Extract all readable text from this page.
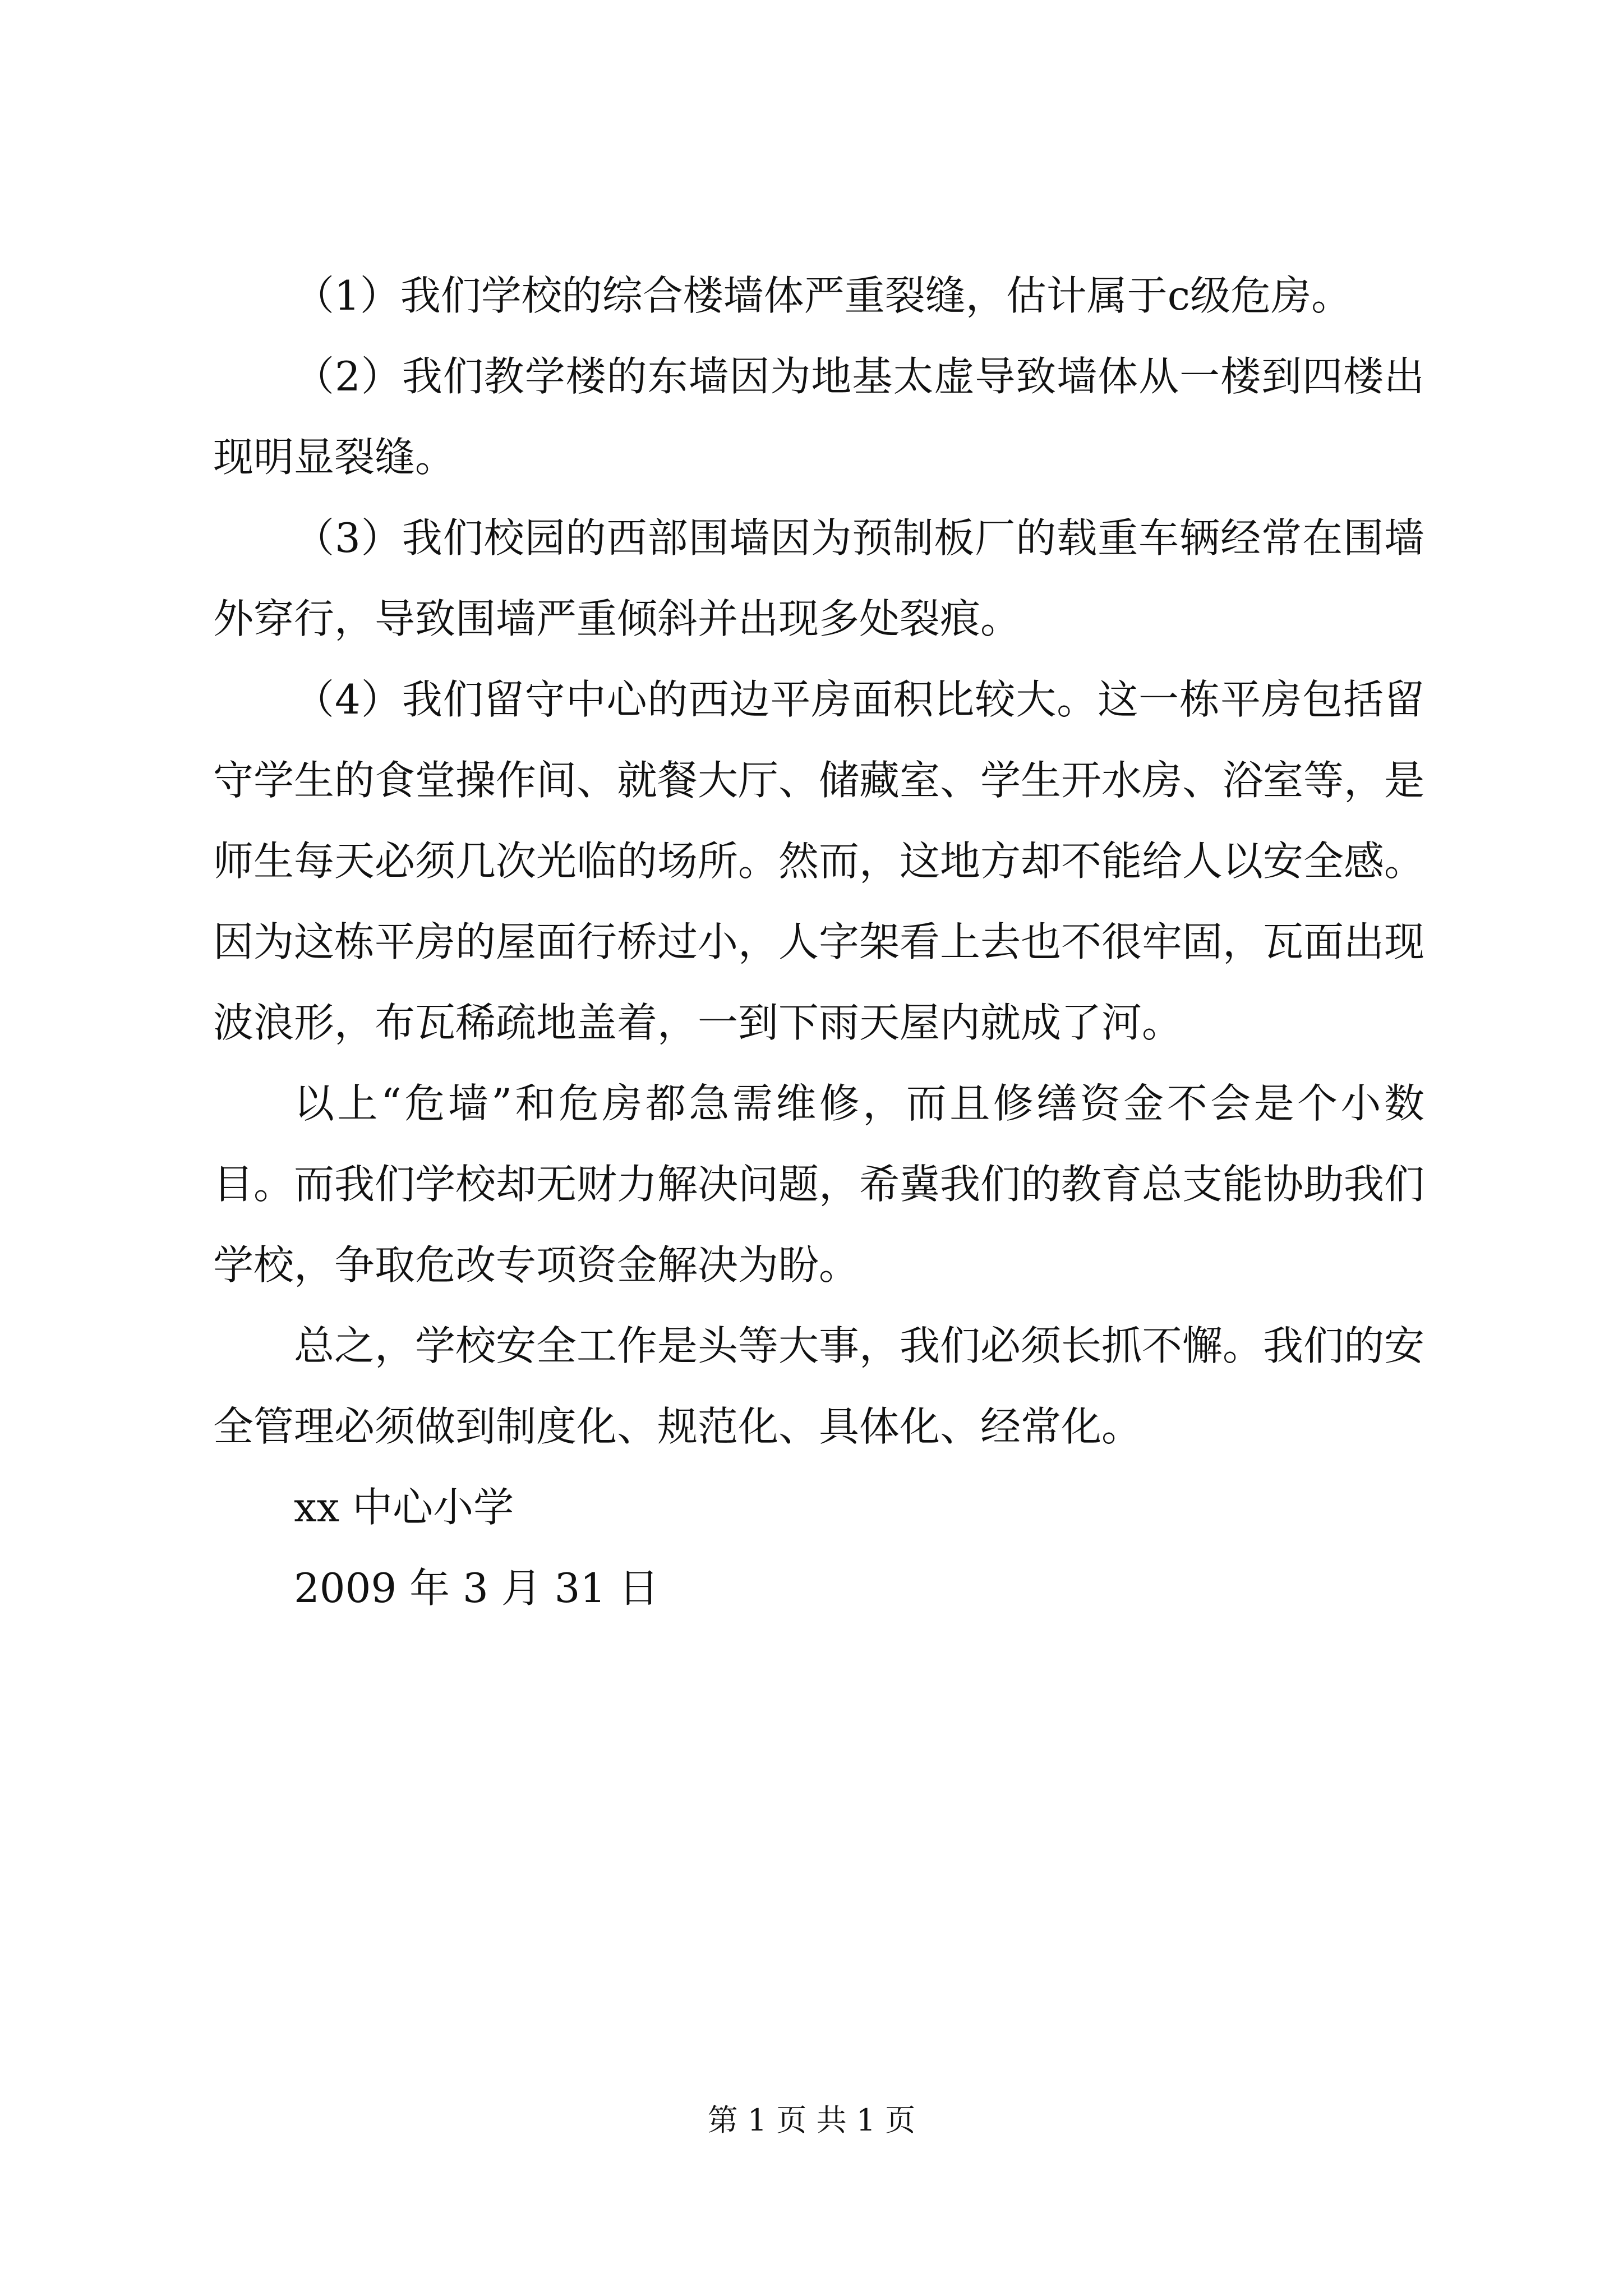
（1）我们学校的综合楼墙体严重裂缝，估计属于c级危房。

（2）我们教学楼的东墙因为地基太虚导致墙体从一楼到四楼出现明显裂缝。

（3）我们校园的西部围墙因为预制板厂的载重车辆经常在围墙外穿行，导致围墙严重倾斜并出现多处裂痕。

（4）我们留守中心的西边平房面积比较大。这一栋平房包括留守学生的食堂操作间、就餐大厅、储藏室、学生开水房、浴室等，是师生每天必须几次光临的场所。然而，这地方却不能给人以安全感。因为这栋平房的屋面行桥过小，人字架看上去也不很牢固，瓦面出现波浪形，布瓦稀疏地盖着，一到下雨天屋内就成了河。

以上“危墙”和危房都急需维修，而且修缮资金不会是个小数目。而我们学校却无财力解决问题，希冀我们的教育总支能协助我们学校，争取危改专项资金解决为盼。

总之，学校安全工作是头等大事，我们必须长抓不懈。我们的安全管理必须做到制度化、规范化、具体化、经常化。

xx 中心小学

2009 年 3 月 31 日

第 1 页 共 1 页
